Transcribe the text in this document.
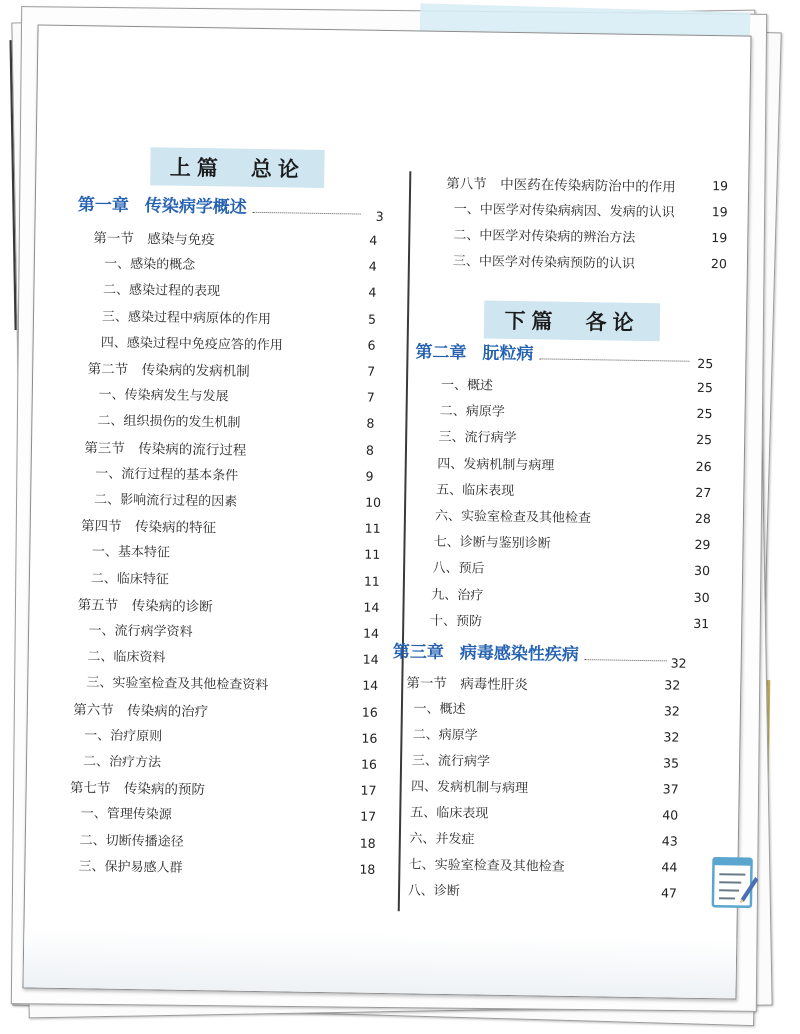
上篇　总论
下篇　各论
第一章 传染病学概述	3
第一节　感染与免疫	4
一、感染的概念	4
二、感染过程的表现	4
三、感染过程中病原体的作用	5
四、感染过程中免疫应答的作用	6
第二节　传染病的发病机制	7
一、传染病发生与发展	7
二、组织损伤的发生机制	8
第三节　传染病的流行过程	8
一、流行过程的基本条件	9
二、影响流行过程的因素	10
第四节　传染病的特征	11
一、基本特征	11
二、临床特征	11
第五节　传染病的诊断	14
一、流行病学资料	14
二、临床资料	14
三、实验室检查及其他检查资料	14
第六节　传染病的治疗	16
一、治疗原则	16
二、治疗方法	16
第七节　传染病的预防	17
一、管理传染源	17
二、切断传播途径	18
三、保护易感人群	18
第八节　中医药在传染病防治中的作用	19
一、中医学对传染病病因、发病的认识	19
二、中医学对传染病的辨治方法	19
三、中医学对传染病预防的认识	20
第二章 朊粒病	25
一、概述	25
二、病原学	25
三、流行病学	25
四、发病机制与病理	26
五、临床表现	27
六、实验室检查及其他检查	28
七、诊断与鉴别诊断	29
八、预后	30
九、治疗	30
十、预防	31
第三章 病毒感染性疾病	32
第一节　病毒性肝炎	32
一、概述	32
二、病原学	32
三、流行病学	35
四、发病机制与病理	37
五、临床表现	40
六、并发症	43
七、实验室检查及其他检查	44
八、诊断	47
